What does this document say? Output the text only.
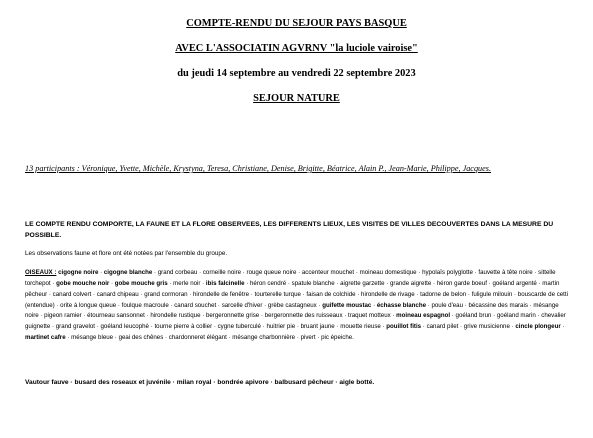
COMPTE-RENDU DU SEJOUR PAYS BASQUE
AVEC L'ASSOCIATIN AGVRNV "la luciole vairoise"
du jeudi 14 septembre au vendredi 22 septembre 2023
SEJOUR NATURE
13 participants : Véronique, Yvette, Michèle, Krystyna, Teresa, Christiane, Denise, Brigitte, Béatrice, Alain P., Jean-Marie, Philippe, Jacques.
LE COMPTE RENDU COMPORTE, LA FAUNE ET LA FLORE OBSERVEES, LES DIFFERENTS LIEUX, LES VISITES DE VILLES DECOUVERTES DANS LA MESURE DU POSSIBLE.
Les observations faune et flore ont été notées par l'ensemble du groupe.
OISEAUX : cigogne noire · cigogne blanche · grand corbeau · corneille noire · rouge queue noire · accenteur mouchet · moineau domestique · hypolaïs polyglotte · fauvette à tête noire · sittelle torchepot · gobe mouche noir · gobe mouche gris · merle noir · ibis falcinelle · héron cendré · spatule blanche · aigrette garzette · grande aigrette · héron garde boeuf · goéland argenté · martin pêcheur · canard colvert · canard chipeau · grand cormoran · hirondelle de fenêtre · tourterelle turque · faisan de colchide · hirondelle de rivage · tadorne de belon · fuligule milouin · bouscarde de cetti (entendue) · orite à longue queue · foulque macroule · canard souchet · sarcelle d'hiver · grèbe castagneux · guifette moustac · échasse blanche · poule d'eau · bécassine des marais · mésange noire · pigeon ramier · étourneau sansonnet · hirondelle rustique · bergeronnette grise · bergeronnette des ruisseaux · traquet motteux · moineau espagnol · goéland brun · goéland marin · chevalier guignette · grand gravelot · goéland leucophé · tourne pierre à collier · cygne tuberculé · huitrier pie · bruant jaune · mouette rieuse · pouillot fitis · canard pilet · grive musicienne · cincle plongeur · martinet cafre · mésange bleue · geai des chênes · chardonneret élégant · mésange charbonnière · pivert · pic épeiche.
Vautour fauve · busard des roseaux et juvénile · milan royal · bondrée apivore · balbusard pêcheur · aigle botté.
